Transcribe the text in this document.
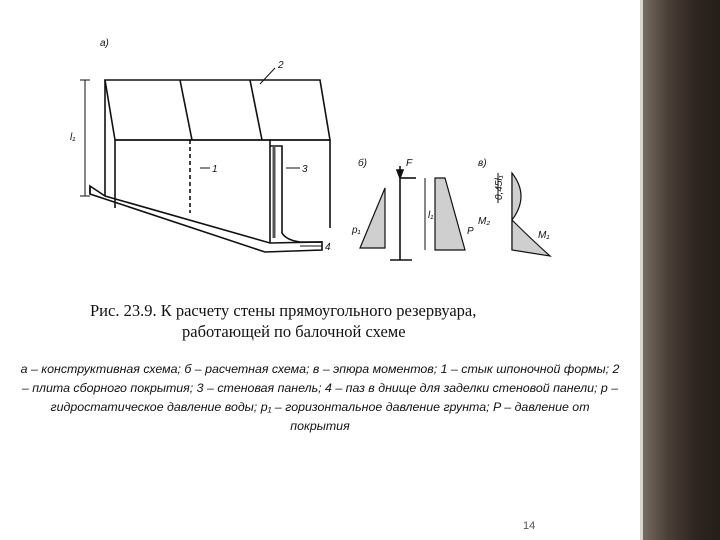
а)
б)	в)
2
1	3
4
l₁
l₁
0,45l₁
F
p₁	P
M₂
M₁
Рис. 23.9. К расчету стены прямоугольного резервуара,
работающей по балочной схеме
а – конструктивная схема; б – расчетная схема; в – эпюра моментов; 1 – стык шпоночной формы; 2 – плита сборного покрытия; 3 – стеновая панель; 4 – паз в днище для заделки стеновой панели; p – гидростатическое давление воды; p₁ – горизонтальное давление грунта; P – давление от покрытия
14
